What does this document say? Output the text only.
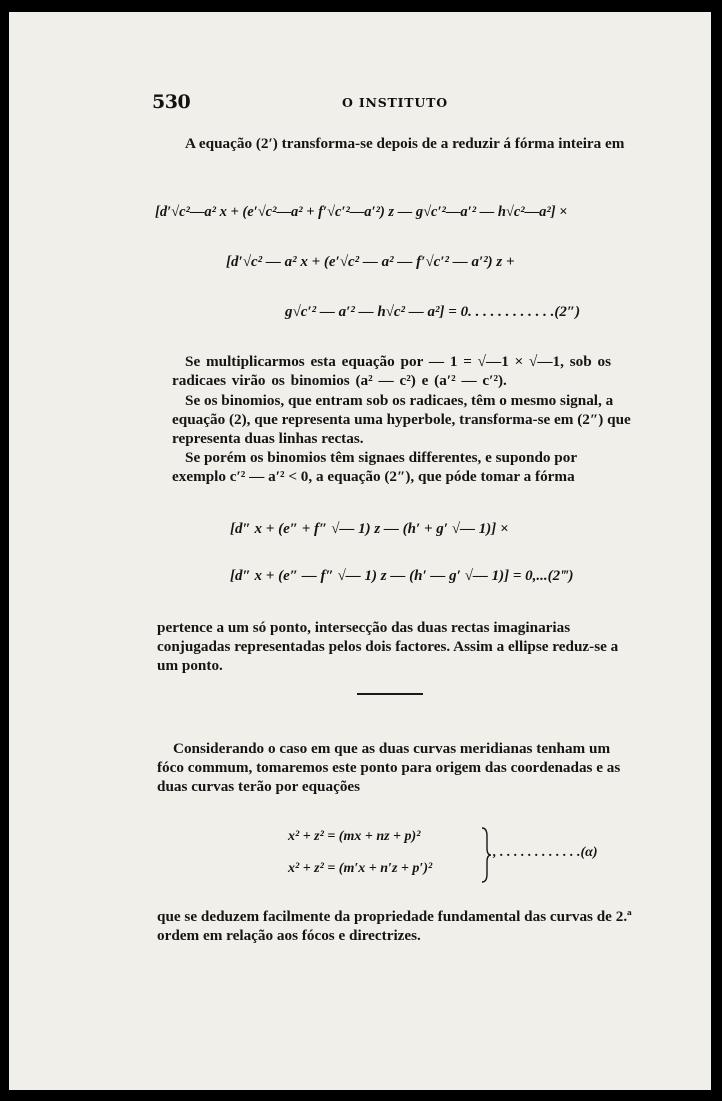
530	O INSTITUTO
A equação (2′) transforma-se depois de a reduzir á fórma inteira em
[d′√c²—a² x + (e′√c²—a² + f′√c′²—a′²) z — g√c′²—a′² — h√c²—a²] ×
[d′√c² — a² x + (e′√c² — a² — f′√c′² — a′²) z +
g√c′² — a′² — h√c² — a²] = 0. . . . . . . . . . . .(2″)
Se multiplicarmos esta equação por — 1 = √—1 × √—1, sob os radicaes virão os binomios (a² — c²) e (a′² — c′²).
Se os binomios, que entram sob os radicaes, têm o mesmo signal, a equação (2), que representa uma hyperbole, transforma-se em (2″) que representa duas linhas rectas.
Se porém os binomios têm signaes differentes, e supondo por exemplo c′² — a′² < 0, a equação (2″), que póde tomar a fórma
[d″ x + (e″ + f″ √— 1) z — (h′ + g′ √— 1)] ×
[d″ x + (e″ — f″ √— 1) z — (h′ — g′ √— 1)] = 0,...(2‴)
pertence a um só ponto, intersecção das duas rectas imaginarias conjugadas representadas pelos dois factores. Assim a ellipse reduz-se a um ponto.
Considerando o caso em que as duas curvas meridianas tenham um fóco commum, tomaremos este ponto para origem das coordenadas e as duas curvas terão por equações
x² + z² = (mx + nz + p)²
x² + z² = (m′x + n′z + p′)²
, . . . . . . . . . . . .(α)
que se deduzem facilmente da propriedade fundamental das curvas de 2.ª ordem em relação aos fócos e directrizes.
